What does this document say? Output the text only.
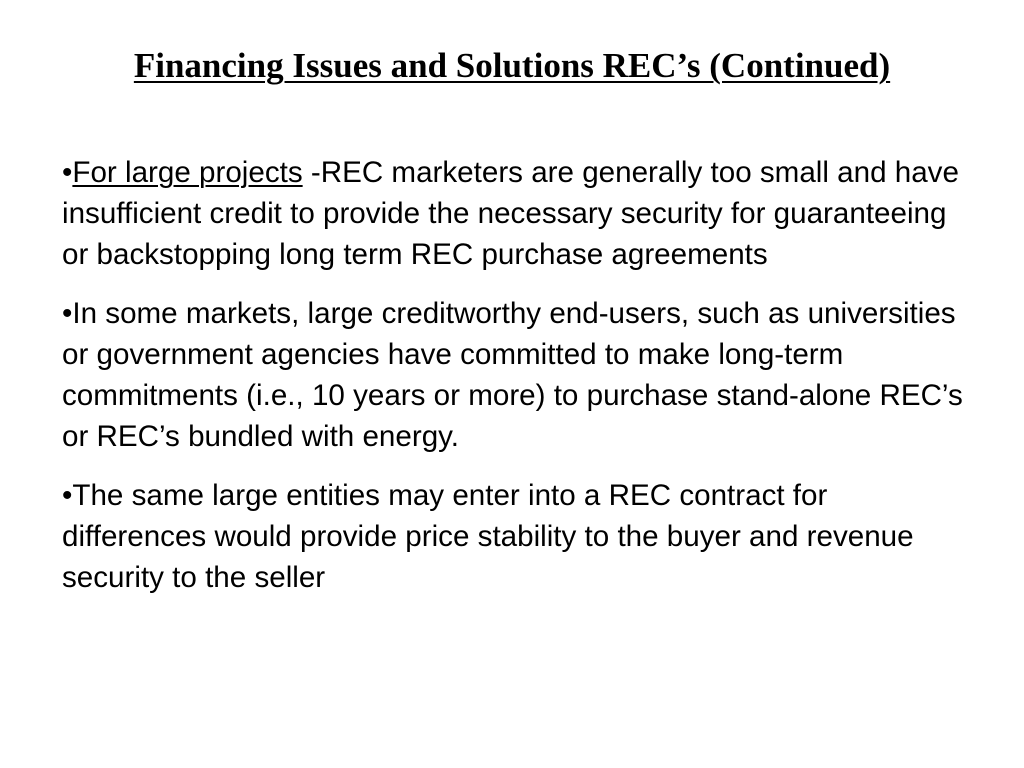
Financing Issues and Solutions REC’s (Continued)

•For large projects -REC marketers are generally too small and have insufficient credit to provide the necessary security for guaranteeing or backstopping long term REC purchase agreements

•In some markets, large creditworthy end-users, such as universities or government agencies have committed to make long-term commitments (i.e., 10 years or more) to purchase stand-alone REC’s or REC’s bundled with energy.

•The same large entities may enter into a REC contract for differences would provide price stability to the buyer and revenue security to the seller
